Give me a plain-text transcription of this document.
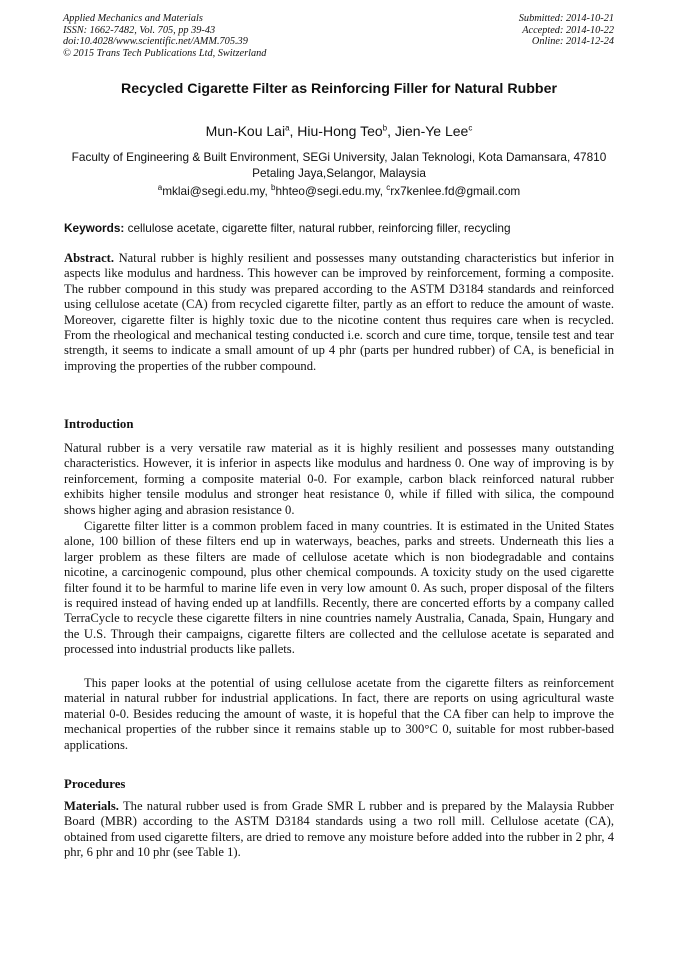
Applied Mechanics and Materials
ISSN: 1662-7482, Vol. 705, pp 39-43
doi:10.4028/www.scientific.net/AMM.705.39
© 2015 Trans Tech Publications Ltd, Switzerland
Submitted: 2014-10-21
Accepted: 2014-10-22
Online: 2014-12-24
Recycled Cigarette Filter as Reinforcing Filler for Natural Rubber
Mun-Kou Lai$^a$, Hiu-Hong Teo$^b$, Jien-Ye Lee$^c$
Faculty of Engineering & Built Environment, SEGi University, Jalan Teknologi, Kota Damansara, 47810 Petaling Jaya,Selangor, Malaysia
$^a$mklai@segi.edu.my, $^b$hhteo@segi.edu.my, $^c$rx7kenlee.fd@gmail.com
Keywords: cellulose acetate, cigarette filter, natural rubber, reinforcing filler, recycling
Abstract. Natural rubber is highly resilient and possesses many outstanding characteristics but inferior in aspects like modulus and hardness. This however can be improved by reinforcement, forming a composite. The rubber compound in this study was prepared according to the ASTM D3184 standards and reinforced using cellulose acetate (CA) from recycled cigarette filter, partly as an effort to reduce the amount of waste. Moreover, cigarette filter is highly toxic due to the nicotine content thus requires care when is recycled. From the rheological and mechanical testing conducted i.e. scorch and cure time, torque, tensile test and tear strength, it seems to indicate a small amount of up 4 phr (parts per hundred rubber) of CA, is beneficial in improving the properties of the rubber compound.
Introduction
Natural rubber is a very versatile raw material as it is highly resilient and possesses many outstanding characteristics. However, it is inferior in aspects like modulus and hardness 0. One way of improving is by reinforcement, forming a composite material 0-0. For example, carbon black reinforced natural rubber exhibits higher tensile modulus and stronger heat resistance 0, while if filled with silica, the compound shows higher aging and abrasion resistance 0.
Cigarette filter litter is a common problem faced in many countries. It is estimated in the United States alone, 100 billion of these filters end up in waterways, beaches, parks and streets. Underneath this lies a larger problem as these filters are made of cellulose acetate which is non biodegradable and contains nicotine, a carcinogenic compound, plus other chemical compounds. A toxicity study on the used cigarette filter found it to be harmful to marine life even in very low amount 0. As such, proper disposal of the filters is required instead of having ended up at landfills. Recently, there are concerted efforts by a company called TerraCycle to recycle these cigarette filters in nine countries namely Australia, Canada, Spain, Hungary and the U.S. Through their campaigns, cigarette filters are collected and the cellulose acetate is separated and processed into industrial products like pallets.
This paper looks at the potential of using cellulose acetate from the cigarette filters as reinforcement material in natural rubber for industrial applications. In fact, there are reports on using agricultural waste material 0-0. Besides reducing the amount of waste, it is hopeful that the CA fiber can help to improve the mechanical properties of the rubber since it remains stable up to 300°C 0, suitable for most rubber-based applications.
Procedures
Materials. The natural rubber used is from Grade SMR L rubber and is prepared by the Malaysia Rubber Board (MBR) according to the ASTM D3184 standards using a two roll mill. Cellulose acetate (CA), obtained from used cigarette filters, are dried to remove any moisture before added into the rubber in 2 phr, 4 phr, 6 phr and 10 phr (see Table 1).
